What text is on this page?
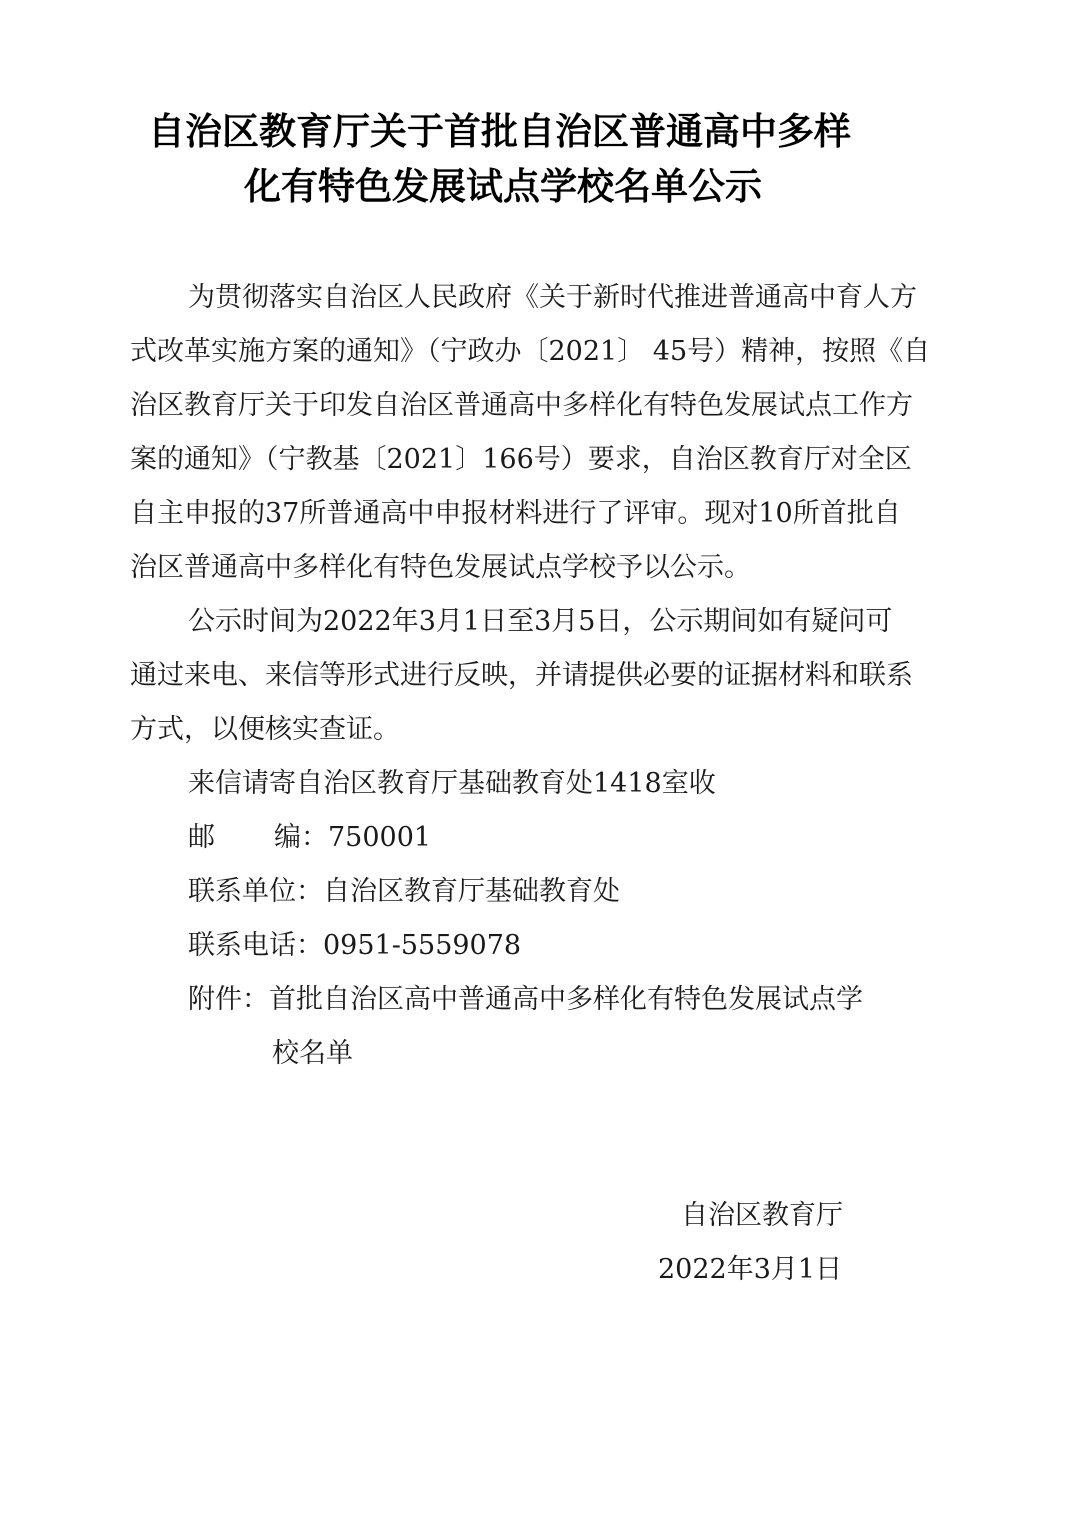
自治区教育厅关于首批自治区普通高中多样
化有特色发展试点学校名单公示
为贯彻落实自治区人民政府《关于新时代推进普通高中育人方
式改革实施方案的通知》（宁政办〔2021〕 45号）精神，按照《自
治区教育厅关于印发自治区普通高中多样化有特色发展试点工作方
案的通知》（宁教基〔2021〕166号）要求，自治区教育厅对全区
自主申报的37所普通高中申报材料进行了评审。现对10所首批自
治区普通高中多样化有特色发展试点学校予以公示。
公示时间为2022年3月1日至3月5日，公示期间如有疑问可
通过来电、来信等形式进行反映，并请提供必要的证据材料和联系
方式，以便核实查证。
来信请寄自治区教育厅基础教育处1418室收
邮 编：750001
联系单位：自治区教育厅基础教育处
联系电话：0951-5559078
附件：首批自治区高中普通高中多样化有特色发展试点学
校名单
自治区教育厅
2022年3月1日
